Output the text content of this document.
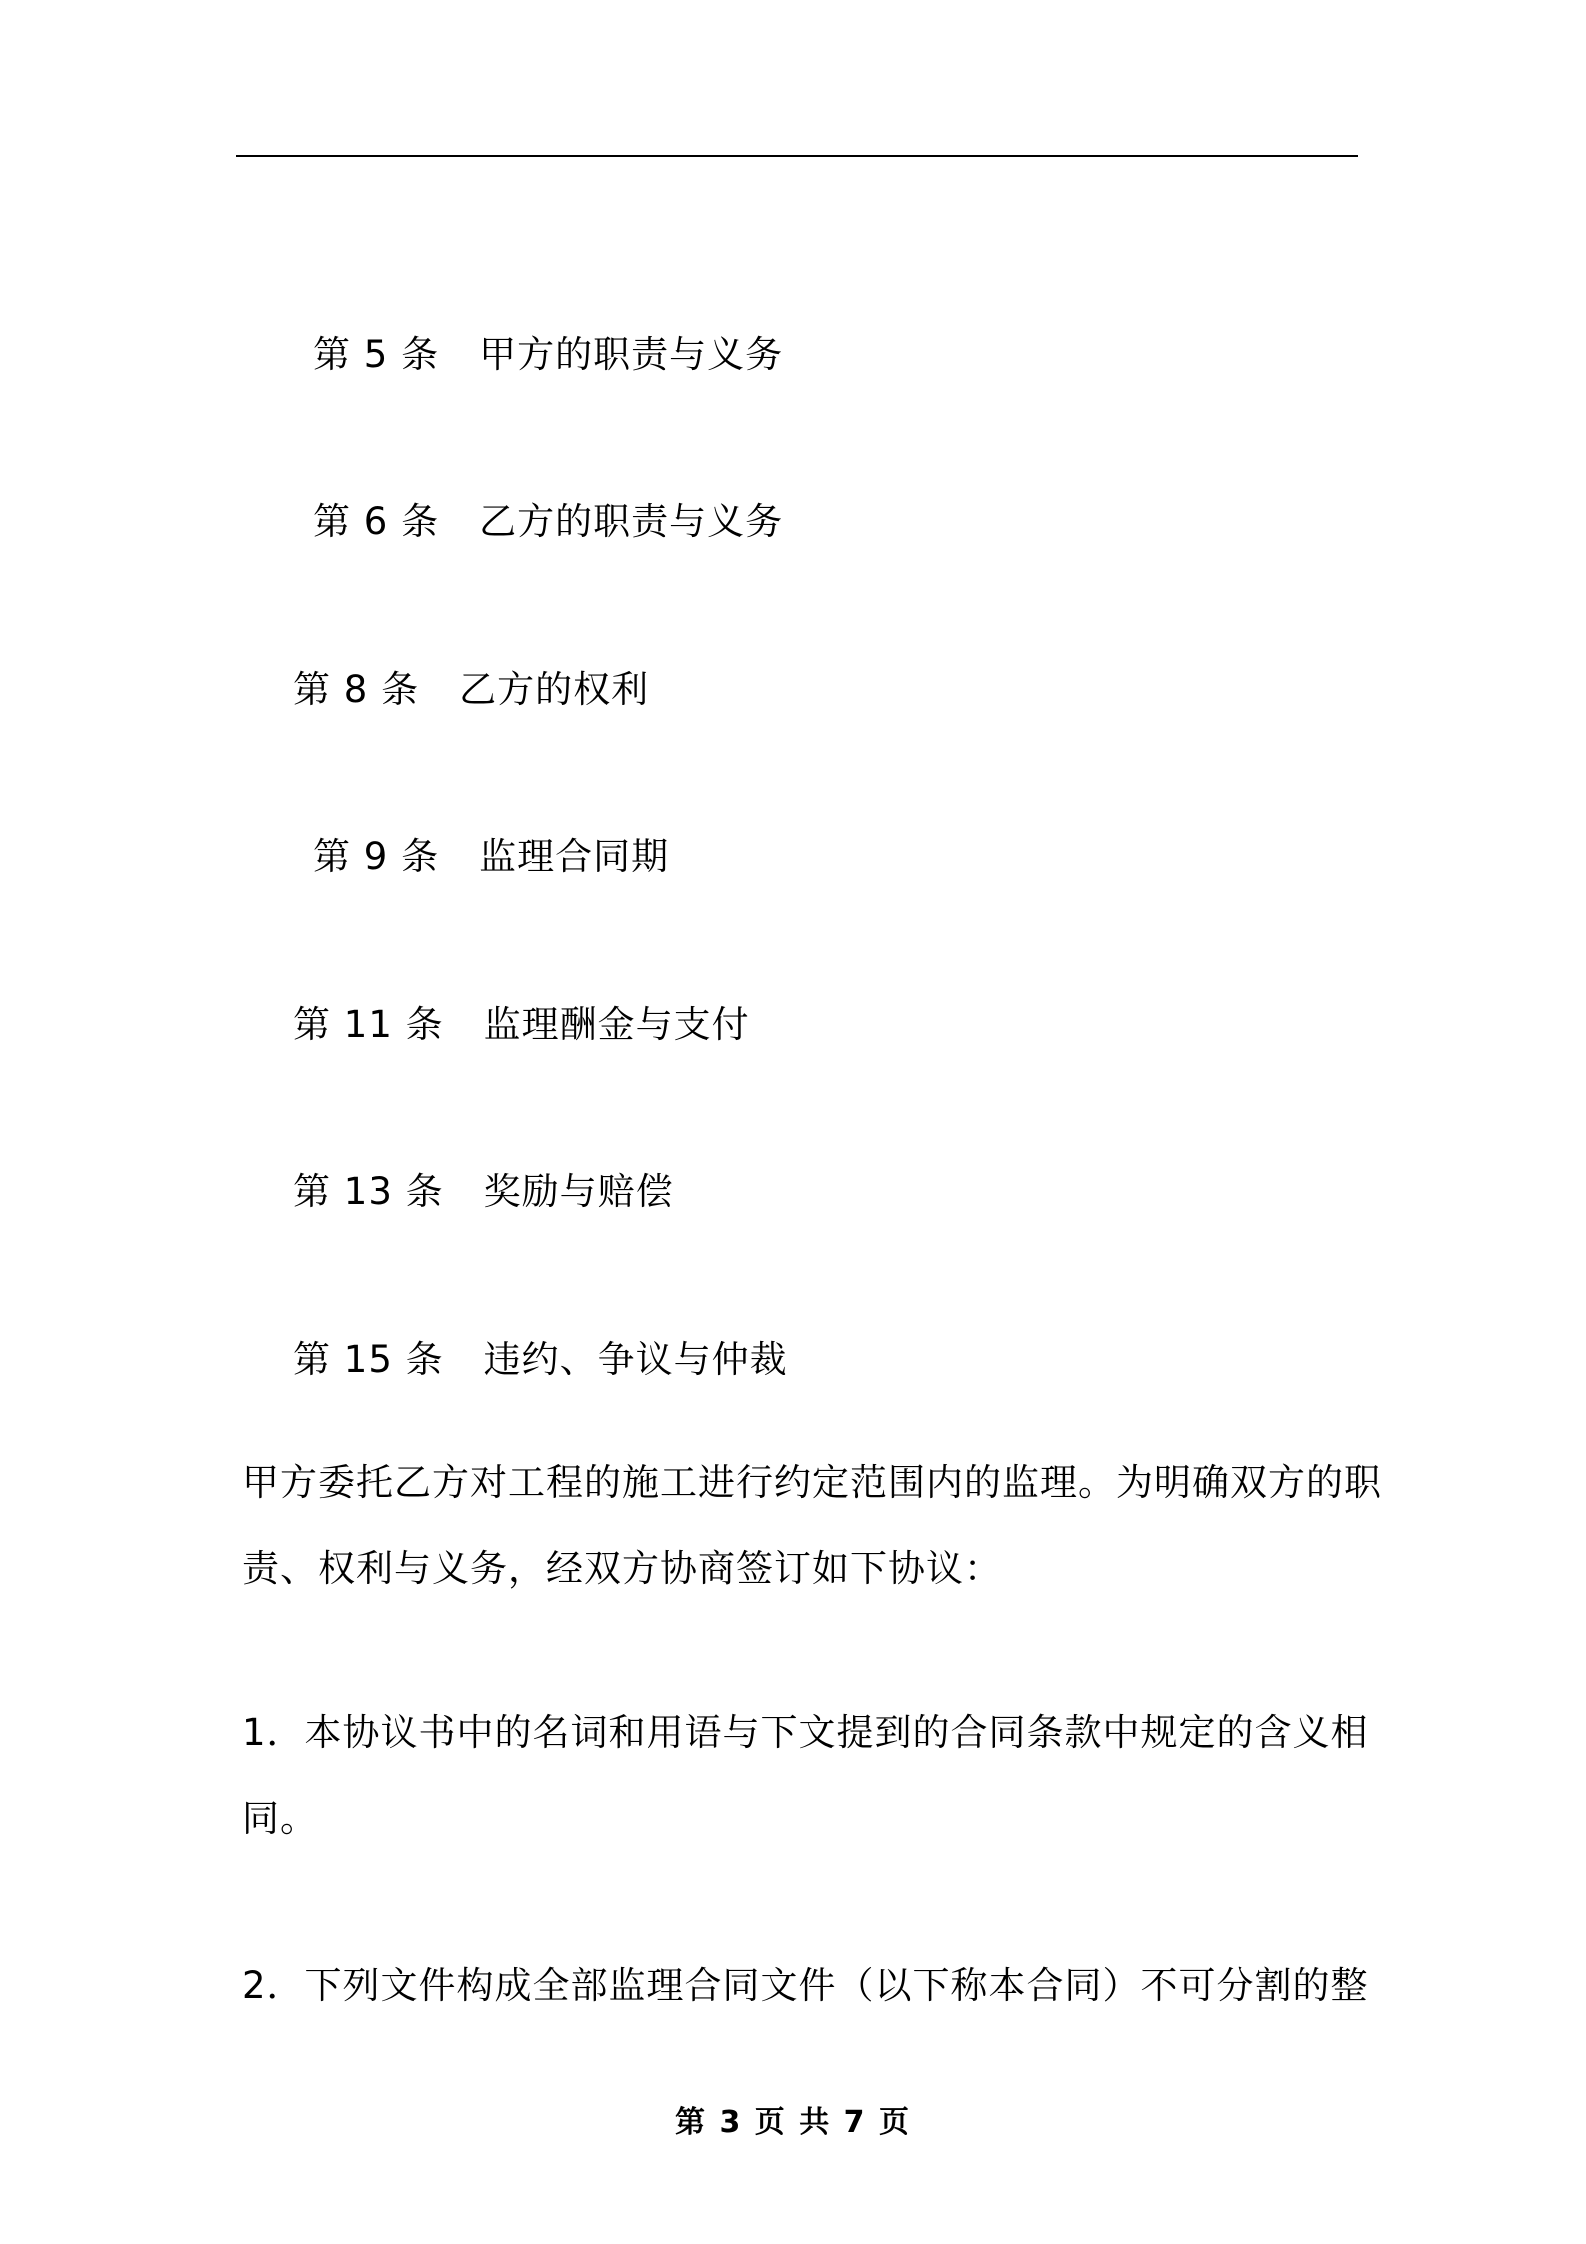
第 5 条 甲方的职责与义务

第 6 条 乙方的职责与义务

第 8 条 乙方的权利

第 9 条 监理合同期

第 11 条 监理酬金与支付

第 13 条 奖励与赔偿

第 15 条 违约、争议与仲裁

甲方委托乙方对工程的施工进行约定范围内的监理。为明确双方的职
责、权利与义务，经双方协商签订如下协议：
1．本协议书中的名词和用语与下文提到的合同条款中规定的含义相
同。
2．下列文件构成全部监理合同文件（以下称本合同）不可分割的整
第 3 页 共 7 页
